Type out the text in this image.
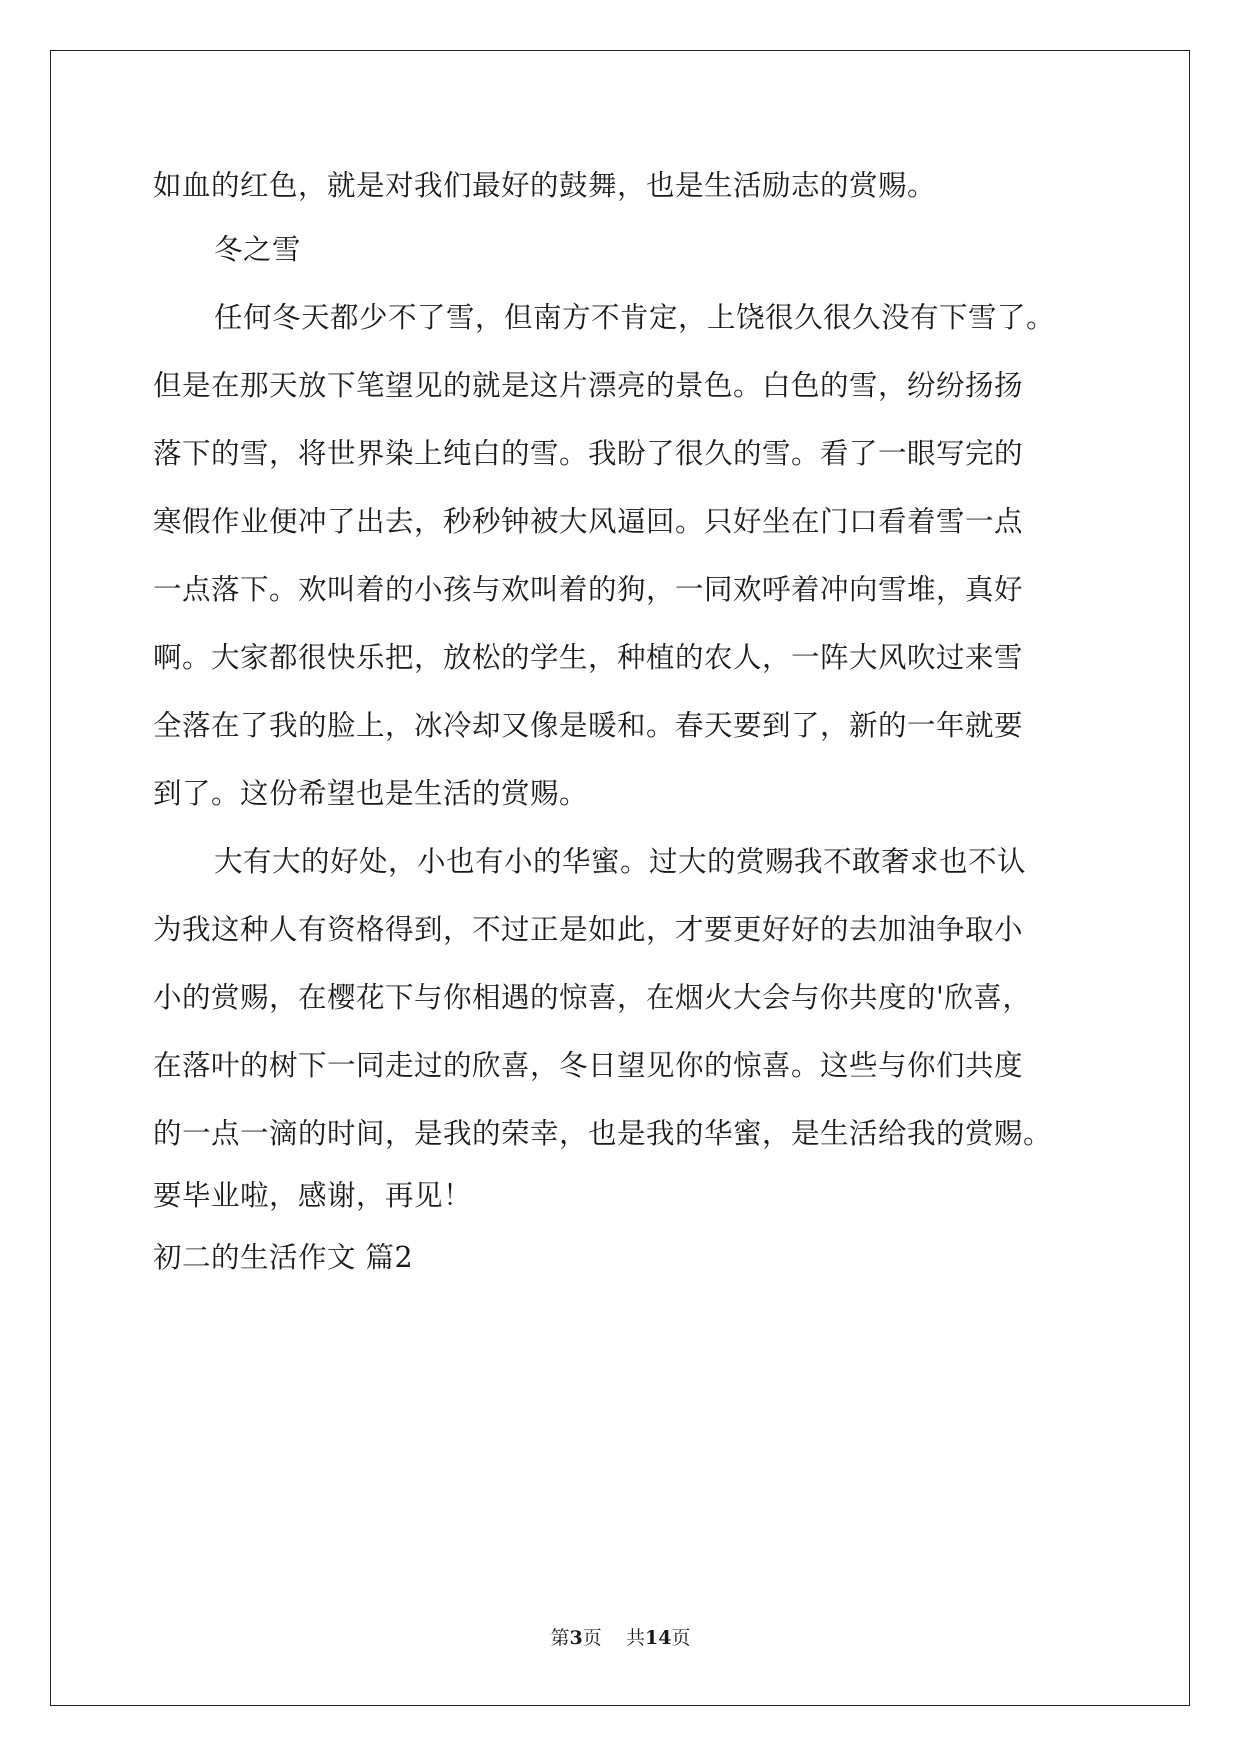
如血的红色，就是对我们最好的鼓舞，也是生活励志的赏赐。
冬之雪
任何冬天都少不了雪，但南方不肯定，上饶很久很久没有下雪了。
但是在那天放下笔望见的就是这片漂亮的景色。白色的雪，纷纷扬扬
落下的雪，将世界染上纯白的雪。我盼了很久的雪。看了一眼写完的
寒假作业便冲了出去，秒秒钟被大风逼回。只好坐在门口看着雪一点
一点落下。欢叫着的小孩与欢叫着的狗，一同欢呼着冲向雪堆，真好
啊。大家都很快乐把，放松的学生，种植的农人，一阵大风吹过来雪
全落在了我的脸上，冰冷却又像是暖和。春天要到了，新的一年就要
到了。这份希望也是生活的赏赐。
大有大的好处，小也有小的华蜜。过大的赏赐我不敢奢求也不认
为我这种人有资格得到，不过正是如此，才要更好好的去加油争取小
小的赏赐，在樱花下与你相遇的惊喜，在烟火大会与你共度的'欣喜，
在落叶的树下一同走过的欣喜，冬日望见你的惊喜。这些与你们共度
的一点一滴的时间，是我的荣幸，也是我的华蜜，是生活给我的赏赐。
要毕业啦，感谢，再见！
初二的生活作文 篇2
第3页 共14页
